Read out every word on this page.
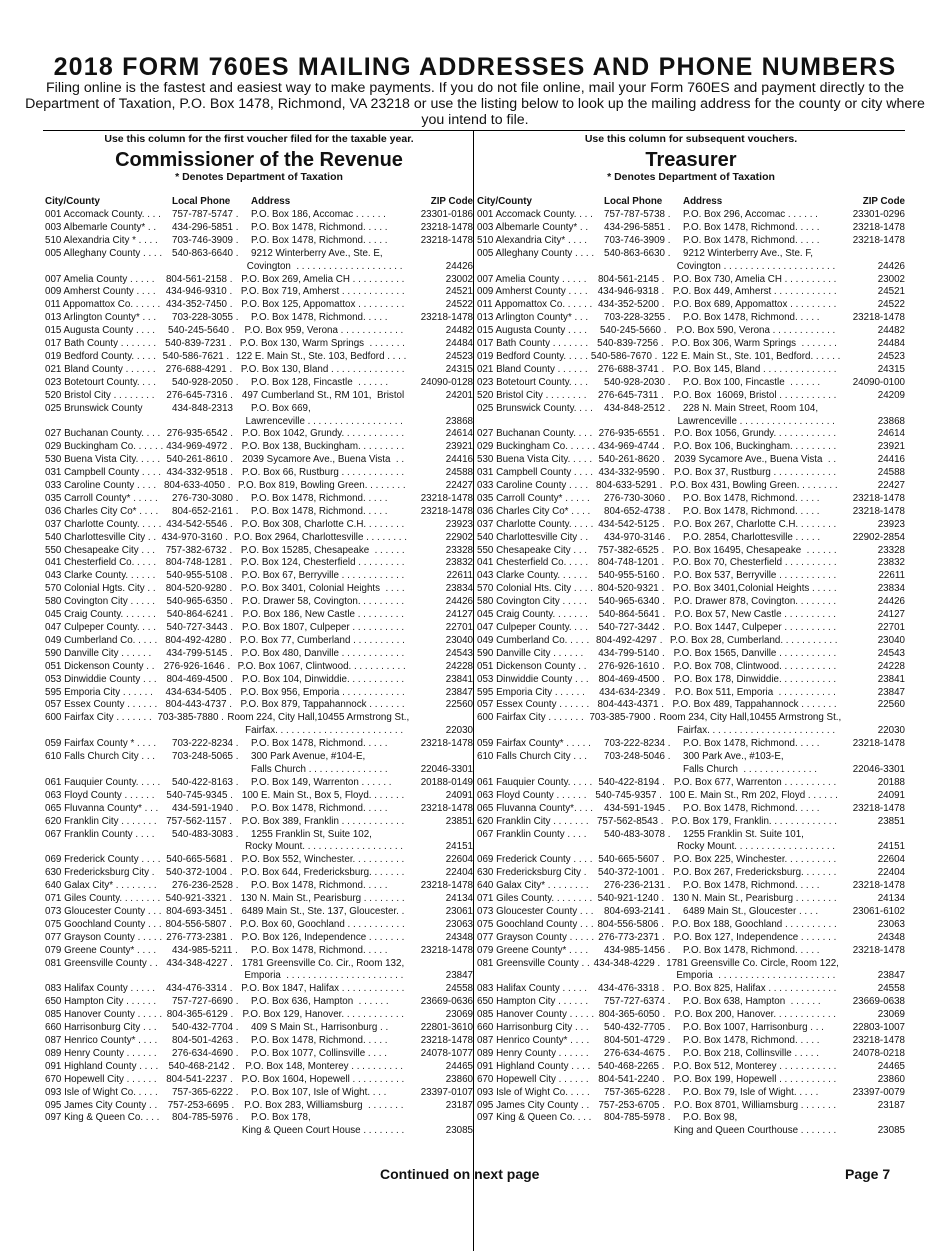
2018 FORM 760ES MAILING ADDRESSES AND PHONE NUMBERS
Filing online is the fastest and easiest way to make payments. If you do not file online, mail your Form 760ES and payment directly to the Department of Taxation, P.O. Box 1478, Richmond, VA 23218 or use the listing below to look up the mailing address for the county or city where you intend to file.
Use this column for the first voucher filed for the taxable year.
Commissioner of the Revenue
* Denotes Department of Taxation
City/County	Local Phone	Address	ZIP Code
001 Accomack County. . . .	757-787-5747 .	P.O. Box 186, Accomac . . . . . .	23301-0186
003 Albemarle County* . .	434-296-5851 .	P.O. Box 1478, Richmond. . . . .	23218-1478
510 Alexandria City * . . . .	703-746-3909 .	P.O. Box 1478, Richmond. . . . .	23218-1478
005 Alleghany County . . . .	540-863-6640 .	9212 Winterberry Ave., Ste. E,
Covington  . . . . . . . . . . . . . . . . . . . .	24426
007 Amelia County . . . . .	804-561-2158 . P.O. Box 269, Amelia CH . . . . . . . . . .	23002
009 Amherst County . . . .	434-946-9310 . P.O. Box 719, Amherst . . . . . . . . . . . .	24521
011 Appomattox Co. . . . . . 434-352-7450 . P.O. Box 125, Appomattox . . . . . . . . .	24522
013 Arlington County* . . .	703-228-3055 .	P.O. Box 1478, Richmond. . . . .	23218-1478
015 Augusta County . . . .	540-245-5640 .	P.O. Box 959, Verona . . . . . . . . . . . .	24482
017 Bath County . . . . . . . 540-839-7231 . P.O. Box 130, Warm Springs  . . . . . . .	24484
019 Bedford County. . . . . 540-586-7621 . 122 E. Main St., Ste. 103, Bedford . . . .	24523
021 Bland County . . . . . .	276-688-4291 . P.O. Box 130, Bland . . . . . . . . . . . . . .	24315
023 Botetourt County. . . .	540-928-2050 .	P.O. Box 128, Fincastle  . . . . . .	24090-0128
520 Bristol City . . . . . . . .	276-645-7316 . 497 Cumberland St., RM 101,  Bristol	24201
025 Brunswick County	434-848-2313	P.O. Box 669,
Lawrenceville . . . . . . . . . . . . . . . . . .	23868
027 Buchanan County. . . . 276-935-6542 . P.O. Box 1042, Grundy. . . . . . . . . . . .	24614
029 Buckingham Co. . . . . . 434-969-4972 . P.O. Box 138, Buckingham. . . . . . . . .	23921
530 Buena Vista City. . . . . 540-261-8610 . 2039 Sycamore Ave., Buena Vista  . .	24416
031 Campbell County . . . . 434-332-9518 . P.O. Box 66, Rustburg . . . . . . . . . . . .	24588
033 Caroline County . . . . 804-633-4050 . P.O. Box 819, Bowling Green. . . . . . . .	22427
035 Carroll County* . . . . .	276-730-3080 .	P.O. Box 1478, Richmond. . . . .	23218-1478
036 Charles City Co* . . . .	804-652-2161 .	P.O. Box 1478, Richmond. . . . .	23218-1478
037 Charlotte County. . . . . 434-542-5546 . P.O. Box 308, Charlotte C.H. . . . . . . .	23923
540 Charlottesville City . . 434-970-3160 . P.O. Box 2964, Charlottesville . . . . . . . .	22902
550 Chesapeake City . . .	757-382-6732 . P.O. Box 15285, Chesapeake  . . . . . .	23328
041 Chesterfield Co. . . . . 804-748-1281 . P.O. Box 124, Chesterfield . . . . . . . . .	23832
043 Clarke County. . . . . .	540-955-5108 . P.O. Box 67, Berryville . . . . . . . . . . . .	22611
570 Colonial Hgts. City . .	804-520-9280 . P.O. Box 3401, Colonial Heights  . . . .	23834
580 Covington City . . . . .	540-965-6350 . P.O. Drawer 58, Covington. . . . . . . . .	24426
045 Craig County. . . . . . .	540-864-6241 . P.O. Box 186, New Castle . . . . . . . . .	24127
047 Culpeper County. . . .	540-727-3443 . P.O. Box 1807, Culpeper . . . . . . . . . .	22701
049 Cumberland Co. . . . . 804-492-4280 . P.O. Box 77, Cumberland . . . . . . . . . .	23040
590 Danville City . . . . . .	434-799-5145 . P.O. Box 480, Danville . . . . . . . . . . . .	24543
051 Dickenson County . . 276-926-1646 . P.O. Box 1067, Clintwood. . . . . . . . . . .	24228
053 Dinwiddie County . . .	804-469-4500 . P.O. Box 104, Dinwiddie. . . . . . . . . . .	23841
595 Emporia City . . . . . .	434-634-5405 . P.O. Box 956, Emporia . . . . . . . . . . . .	23847
057 Essex County . . . . . . 804-443-4737 . P.O. Box 879, Tappahannock . . . . . . .	22560
600 Fairfax City . . . . . . . 703-385-7880 . Room 224, City Hall,10455 Armstrong St.,
Fairfax. . . . . . . . . . . . . . . . . . . . . . . .	22030
059 Fairfax County * . . . .	703-222-8234 .	P.O. Box 1478, Richmond. . . . .	23218-1478
610 Falls Church City . . .	703-248-5065 .	300 Park Avenue, #104-E,
Falls Church . . . . . . . . . . . . . . .	22046-3301
061 Fauquier County. . . . .	540-422-8163 .	P.O. Box 149, Warrenton . . . . . .	20188-0149
063 Floyd County . . . . . .	540-745-9345 . 100 E. Main St., Box 5, Floyd. . . . . . .	24091
065 Fluvanna County* . . .	434-591-1940 .	P.O. Box 1478, Richmond. . . . .	23218-1478
620 Franklin City . . . . . . . 757-562-1157 . P.O. Box 389, Franklin . . . . . . . . . . . .	23851
067 Franklin County . . . .	540-483-3083 .	1255 Franklin St, Suite 102,
Rocky Mount. . . . . . . . . . . . . . . . . . .	24151
069 Frederick County . . . . 540-665-5681 . P.O. Box 552, Winchester. . . . . . . . . .	22604
630 Fredericksburg City .	540-372-1004 . P.O. Box 644, Fredericksburg. . . . . . .	22404
640 Galax City* . . . . . . . .	276-236-2528 .	P.O. Box 1478, Richmond. . . . .	23218-1478
071 Giles County. . . . . . . . 540-921-3321 . 130 N. Main St., Pearisburg . . . . . . . .	24134
073 Gloucester County . . . 804-693-3451 . 6489 Main St., Ste. 137, Gloucester. .	23061
075 Goochland County . . . 804-556-5807 . P.O. Box 60, Goochland . . . . . . . . . . .	23063
077 Grayson County . . . . . 276-773-2381 . P.O. Box 126, Independence . . . . . . .	24348
079 Greene County* . . . .	434-985-5211 .	P.O. Box 1478, Richmond. . . . .	23218-1478
081 Greensville County . . 434-348-4227 . 1781 Greensville Co. Cir., Room 132,
Emporia  . . . . . . . . . . . . . . . . . . . . . .	23847
083 Halifax County . . . . .	434-476-3314 . P.O. Box 1847, Halifax . . . . . . . . . . . .	24558
650 Hampton City . . . . . .	757-727-6690 .	P.O. Box 636, Hampton  . . . . . .	23669-0636
085 Hanover County . . . . . 804-365-6129 . P.O. Box 129, Hanover. . . . . . . . . . . .	23069
660 Harrisonburg City . . .	540-432-7704 .	409 S Main St., Harrisonburg . .	22801-3610
087 Henrico County* . . . .	804-501-4263 .	P.O. Box 1478, Richmond. . . . .	23218-1478
089 Henry County . . . . . .	276-634-4690 .	P.O. Box 1077, Collinsville . . . .	24078-1077
091 Highland County . . . .	540-468-2142 .	P.O. Box 148, Monterey . . . . . . . . . .	24465
670 Hopewell City . . . . . . 804-541-2237 . P.O. Box 1604, Hopewell . . . . . . . . . .	23860
093 Isle of Wight Co. . . . .	757-365-6222 .	P.O. Box 107, Isle of Wight. . . .	23397-0107
095 James City County . .	757-253-6695 .	P.O. Box 283, Williamsburg  . . . . . . .	23187
097 King & Queen Co. . . .	804-785-5976 .	P.O. Box 178,
King & Queen Court House . . . . . . . .	23085
Use this column for subsequent vouchers.
Treasurer
* Denotes Department of Taxation
City/County	Local Phone	Address	ZIP Code
001 Accomack County. . . .	757-787-5738 .	P.O. Box 296, Accomac . . . . . .	23301-0296
003 Albemarle County* . .	434-296-5851 .	P.O. Box 1478, Richmond. . . . .	23218-1478
510 Alexandria City* . . . .	703-746-3909 .	P.O. Box 1478, Richmond. . . . .	23218-1478
005 Alleghany County . . . .	540-863-6630 .	9212 Winterberry Ave., Ste. F,
Covington . . . . . . . . . . . . . . . . . . . . .	24426
007 Amelia County . . . . .	804-561-2145 . P.O. Box 730, Amelia CH . . . . . . . . . .	23002
009 Amherst County . . . .	434-946-9318 . P.O. Box 449, Amherst . . . . . . . . . . . .	24521
011 Appomattox Co. . . . . . 434-352-5200 . P.O. Box 689, Appomattox . . . . . . . . .	24522
013 Arlington County* . . .	703-228-3255 .	P.O. Box 1478, Richmond. . . . .	23218-1478
015 Augusta County . . . .	540-245-5660 .	P.O. Box 590, Verona . . . . . . . . . . . .	24482
017 Bath County . . . . . . . 540-839-7256 . P.O. Box 306, Warm Springs  . . . . . . .	24484
019 Bedford County. . . . . 540-586-7670 . 122 E. Main St., Ste. 101, Bedford. . . . . .	24523
021 Bland County . . . . . .	276-688-3741 . P.O. Box 145, Bland . . . . . . . . . . . . . .	24315
023 Botetourt County. . . .	540-928-2030 .	P.O. Box 100, Fincastle  . . . . . .	24090-0100
520 Bristol City . . . . . . . .	276-645-7311 . P.O. Box  16069, Bristol . . . . . . . . . . .	24209
025 Brunswick County. . . .	434-848-2512 .	228 N. Main Street, Room 104,
Lawrenceville . . . . . . . . . . . . . . . . . .	23868
027 Buchanan County. . . . 276-935-6551 . P.O. Box 1056, Grundy. . . . . . . . . . . .	24614
029 Buckingham Co. . . . . . 434-969-4744 . P.O. Box 106, Buckingham. . . . . . . . .	23921
530 Buena Vista City. . . . . 540-261-8620 . 2039 Sycamore Ave., Buena Vista  . .	24416
031 Campbell County . . . . 434-332-9590 . P.O. Box 37, Rustburg . . . . . . . . . . . .	24588
033 Caroline County . . . . 804-633-5291 . P.O. Box 431, Bowling Green. . . . . . . .	22427
035 Carroll County* . . . . .	276-730-3060 .	P.O. Box 1478, Richmond. . . . .	23218-1478
036 Charles City Co* . . . .	804-652-4738 .	P.O. Box 1478, Richmond. . . . .	23218-1478
037 Charlotte County. . . . . 434-542-5125 . P.O. Box 267, Charlotte C.H. . . . . . . .	23923
540 Charlottesville City . .	434-970-3146 .	P.O. 2854, Charlottesville . . . . .	22902-2854
550 Chesapeake City . . .	757-382-6525 . P.O. Box 16495, Chesapeake  . . . . . .	23328
041 Chesterfield Co. . . . . 804-748-1201 . P.O. Box 70, Chesterfield . . . . . . . . . .	23832
043 Clarke County. . . . . .	540-955-5160 . P.O. Box 537, Berryville . . . . . . . . . . .	22611
570 Colonial Hts. City . . . . 804-520-9321 . P.O. Box 3401,Colonial Heights . . . . .	23834
580 Covington City . . . . .	540-965-6340 . P.O. Drawer 878, Covington. . . . . . . .	24426
045 Craig County. . . . . . .	540-864-5641 . P.O. Box 57, New Castle . . . . . . . . . .	24127
047 Culpeper County. . . .	540-727-3442 . P.O. Box 1447, Culpeper . . . . . . . . . .	22701
049 Cumberland Co. . . . . 804-492-4297 . P.O. Box 28, Cumberland. . . . . . . . . . .	23040
590 Danville City . . . . . .	434-799-5140 . P.O. Box 1565, Danville . . . . . . . . . . .	24543
051 Dickenson County . .	276-926-1610 . P.O. Box 708, Clintwood. . . . . . . . . . .	24228
053 Dinwiddie County . . .	804-469-4500 . P.O. Box 178, Dinwiddie. . . . . . . . . . .	23841
595 Emporia City . . . . . .	434-634-2349 . P.O. Box 511, Emporia  . . . . . . . . . . .	23847
057 Essex County . . . . . . 804-443-4371 . P.O. Box 489, Tappahannock . . . . . . .	22560
600 Fairfax City . . . . . . . 703-385-7900 . Room 234, City Hall,10455 Armstrong St.,
Fairfax. . . . . . . . . . . . . . . . . . . . . . . .	22030
059 Fairfax County* . . . . .	703-222-8234 .	P.O. Box 1478, Richmond. . . . .	23218-1478
610 Falls Church City . . .	703-248-5046 .	300 Park Ave., #103-E,
Falls Church  . . . . . . . . . . . . . .	22046-3301
061 Fauquier County. . . . . 540-422-8194 . P.O. Box 677, Warrenton . . . . . . . . . .	20188
063 Floyd County . . . . . . 540-745-9357 . 100 E. Main St., Rm 202, Floyd . . . . . .	24091
065 Fluvanna County*. . . .	434-591-1945 .	P.O. Box 1478, Richmond. . . . .	23218-1478
620 Franklin City . . . . . . . 757-562-8543 . P.O. Box 179, Franklin. . . . . . . . . . . . .	23851
067 Franklin County . . . .	540-483-3078 .	1255 Franklin St. Suite 101,
Rocky Mount. . . . . . . . . . . . . . . . . . .	24151
069 Frederick County . . . . 540-665-5607 . P.O. Box 225, Winchester. . . . . . . . . .	22604
630 Fredericksburg City .	540-372-1001 . P.O. Box 267, Fredericksburg. . . . . . .	22404
640 Galax City* . . . . . . . .	276-236-2131 .	P.O. Box 1478, Richmond. . . . .	23218-1478
071 Giles County. . . . . . . . 540-921-1240 . 130 N. Main St., Pearisburg . . . . . . . .	24134
073 Gloucester County . . .	804-693-2141 .	6489 Main St., Gloucester . . . .	23061-6102
075 Goochland County . . . 804-556-5806 . P.O. Box 188, Goochland . . . . . . . . . .	23063
077 Grayson County . . . . . 276-773-2371 . P.O. Box 127, Independence . . . . . . .	24348
079 Greene County* . . . .	434-985-1456 .	P.O. Box 1478, Richmond. . . . .	23218-1478
081 Greensville County . . 434-348-4229 . 1781 Greensville Co. Circle, Room 122,
Emporia  . . . . . . . . . . . . . . . . . . . . . .	23847
083 Halifax County . . . . .	434-476-3318 . P.O. Box 825, Halifax . . . . . . . . . . . . .	24558
650 Hampton City . . . . . .	757-727-6374 .	P.O. Box 638, Hampton  . . . . . .	23669-0638
085 Hanover County . . . . . 804-365-6050 . P.O. Box 200, Hanover. . . . . . . . . . . .	23069
660 Harrisonburg City . . .	540-432-7705 .	P.O. Box 1007, Harrisonburg . . .	22803-1007
087 Henrico County* . . . .	804-501-4729 .	P.O. Box 1478, Richmond. . . . .	23218-1478
089 Henry County . . . . . .	276-634-4675 .	P.O. Box 218, Collinsville . . . . .	24078-0218
091 Highland County . . . . 540-468-2265 . P.O. Box 512, Monterey . . . . . . . . . . .	24465
670 Hopewell City . . . . . . 804-541-2240 . P.O. Box 199, Hopewell . . . . . . . . . . .	23860
093 Isle of Wight Co. . . . .	757-365-6228 .	P.O. Box 79, Isle of Wight. . . . .	23397-0079
095 James City County . . 757-253-6705 . P.O. Box 8701, Williamsburg . . . . . . .	23187
097 King & Queen Co. . . .	804-785-5978 .	P.O. Box 98,
King and Queen Courthouse . . . . . . .	23085
Continued on next page	Page 7
